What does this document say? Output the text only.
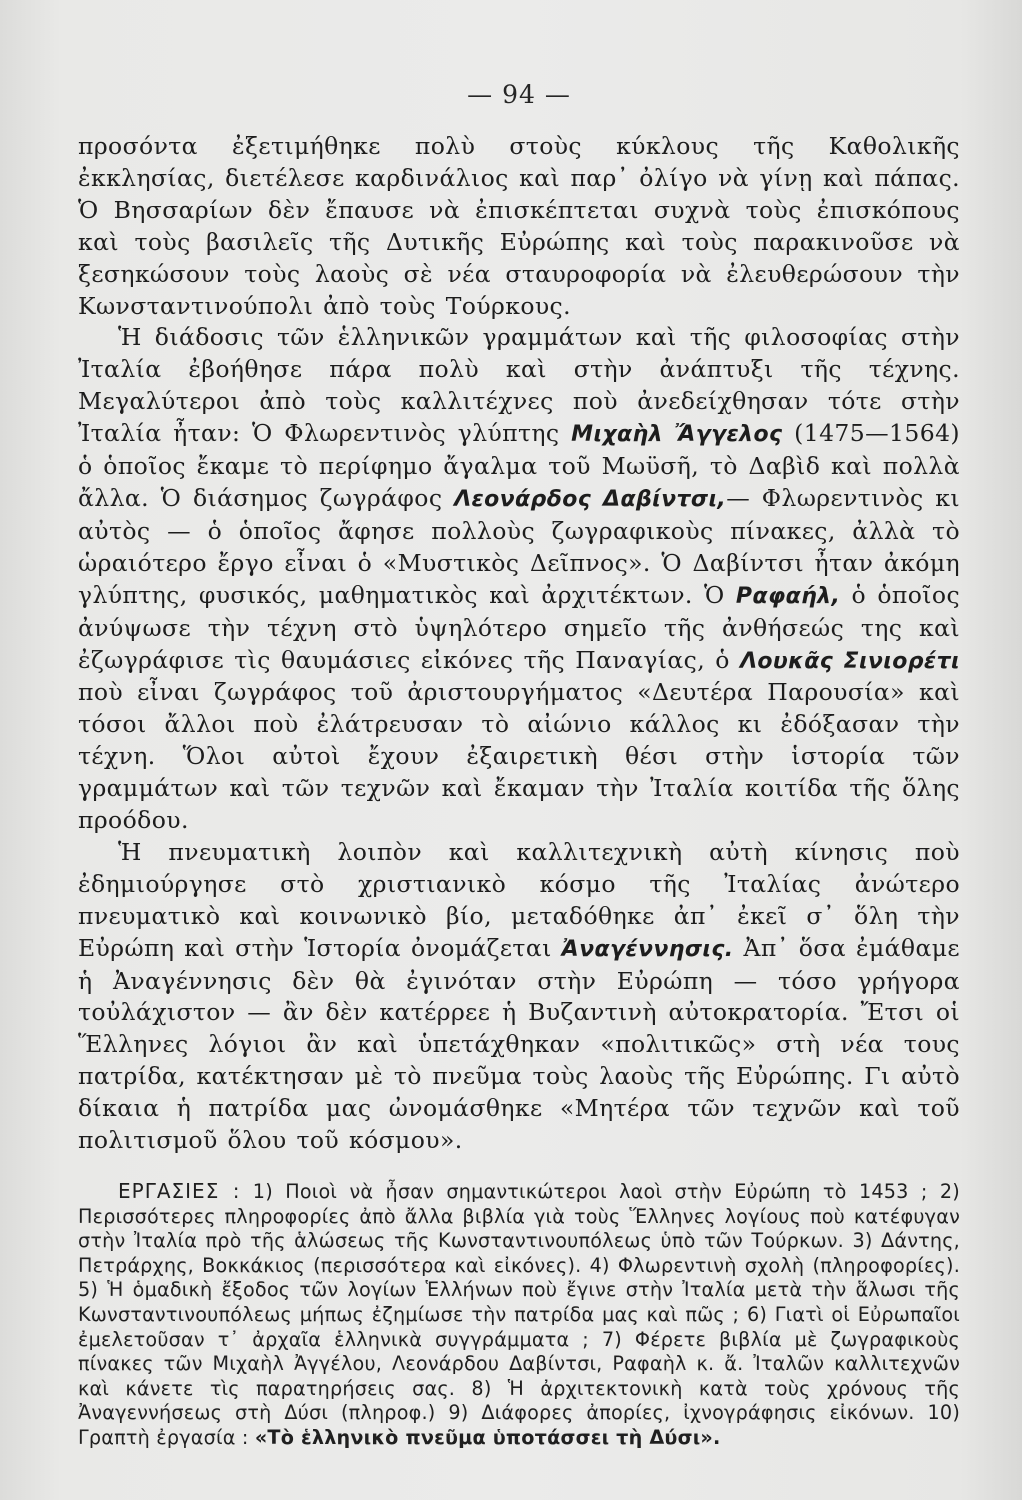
— 94 —

προσόντα ἐξετιμήθηκε πολὺ στοὺς κύκλους τῆς Καθολικῆς ἐκκλησίας, διετέλεσε καρδινάλιος καὶ παρ᾽ ὀλίγο νὰ γίνῃ καὶ πάπας. Ὁ Βησσαρίων δὲν ἔπαυσε νὰ ἐπισκέπτεται συχνὰ τοὺς ἐπισκόπους καὶ τοὺς βασιλεῖς τῆς Δυτικῆς Εὐρώπης καὶ τοὺς παρακινοῦσε νὰ ξεσηκώσουν τοὺς λαοὺς σὲ νέα σταυροφορία νὰ ἐλευθερώσουν τὴν Κωνσταντινούπολι ἀπὸ τοὺς Τούρκους.

Ἡ διάδοσις τῶν ἑλληνικῶν γραμμάτων καὶ τῆς φιλοσοφίας στὴν Ἰταλία ἐβοήθησε πάρα πολὺ καὶ στὴν ἀνάπτυξι τῆς τέχνης. Μεγαλύτεροι ἀπὸ τοὺς καλλιτέχνες ποὺ ἀνεδείχθησαν τότε στὴν Ἰταλία ἦταν: Ὁ Φλωρεντινὸς γλύπτης Μιχαὴλ Ἄγγελος (1475—1564) ὁ ὁποῖος ἔκαμε τὸ περίφημο ἄγαλμα τοῦ Μωϋσῆ, τὸ Δαβὶδ καὶ πολλὰ ἄλλα. Ὁ διάσημος ζωγράφος Λεονάρδος Δαβίντσι,— Φλωρεντινὸς κι αὐτὸς — ὁ ὁποῖος ἄφησε πολλοὺς ζωγραφικοὺς πίνακες, ἀλλὰ τὸ ὡραιότερο ἔργο εἶναι ὁ «Μυστικὸς Δεῖπνος». Ὁ Δαβίντσι ἦταν ἀκόμη γλύπτης, φυσικός, μαθηματικὸς καὶ ἀρχιτέκτων. Ὁ Ραφαήλ, ὁ ὁποῖος ἀνύψωσε τὴν τέχνη στὸ ὑψηλότερο σημεῖο τῆς ἀνθήσεώς της καὶ ἐζωγράφισε τὶς θαυμάσιες εἰκόνες τῆς Παναγίας, ὁ Λουκᾶς Σινιορέτι ποὺ εἶναι ζωγράφος τοῦ ἀριστουργήματος «Δευτέρα Παρουσία» καὶ τόσοι ἄλλοι ποὺ ἐλάτρευσαν τὸ αἰώνιο κάλλος κι ἐδόξασαν τὴν τέχνη. Ὅλοι αὐτοὶ ἔχουν ἐξαιρετικὴ θέσι στὴν ἱστορία τῶν γραμμάτων καὶ τῶν τεχνῶν καὶ ἔκαμαν τὴν Ἰταλία κοιτίδα τῆς ὅλης προόδου.

Ἡ πνευματικὴ λοιπὸν καὶ καλλιτεχνικὴ αὐτὴ κίνησις ποὺ ἐδημιούργησε στὸ χριστιανικὸ κόσμο τῆς Ἰταλίας ἀνώτερο πνευματικὸ καὶ κοινωνικὸ βίο, μεταδόθηκε ἀπ᾽ ἐκεῖ σ᾽ ὅλη τὴν Εὐρώπη καὶ στὴν Ἱστορία ὀνομάζεται Ἀναγέννησις. Ἀπ᾽ ὅσα ἐμάθαμε ἡ Ἀναγέννησις δὲν θὰ ἐγινόταν στὴν Εὐρώπη — τόσο γρήγορα τοὐλάχιστον — ἂν δὲν κατέρρεε ἡ Βυζαντινὴ αὐτοκρατορία. Ἔτσι οἱ Ἕλληνες λόγιοι ἂν καὶ ὑπετάχθηκαν «πολιτικῶς» στὴ νέα τους πατρίδα, κατέκτησαν μὲ τὸ πνεῦμα τοὺς λαοὺς τῆς Εὐρώπης. Γι αὐτὸ δίκαια ἡ πατρίδα μας ὠνομάσθηκε «Μητέρα τῶν τεχνῶν καὶ τοῦ πολιτισμοῦ ὅλου τοῦ κόσμου».

ΕΡΓΑΣΙΕΣ : 1) Ποιοὶ νὰ ἦσαν σημαντικώτεροι λαοὶ στὴν Εὐρώπη τὸ 1453 ; 2) Περισσότερες πληροφορίες ἀπὸ ἄλλα βιβλία γιὰ τοὺς Ἕλληνες λογίους ποὺ κατέφυγαν στὴν Ἰταλία πρὸ τῆς ἁλώσεως τῆς Κωνσταντινουπόλεως ὑπὸ τῶν Τούρκων. 3) Δάντης, Πετράρχης, Βοκκάκιος (περισσότερα καὶ εἰκόνες). 4) Φλωρεντινὴ σχολὴ (πληροφορίες). 5) Ἡ ὁμαδικὴ ἔξοδος τῶν λογίων Ἑλλήνων ποὺ ἔγινε στὴν Ἰταλία μετὰ τὴν ἅλωσι τῆς Κωνσταντινουπόλεως μήπως ἐζημίωσε τὴν πατρίδα μας καὶ πῶς ; 6) Γιατὶ οἱ Εὐρωπαῖοι ἐμελετοῦσαν τ᾽ ἀρχαῖα ἑλληνικὰ συγγράμματα ; 7) Φέρετε βιβλία μὲ ζωγραφικοὺς πίνακες τῶν Μιχαὴλ Ἀγγέλου, Λεονάρδου Δαβίντσι, Ραφαὴλ κ. ἄ. Ἰταλῶν καλλιτεχνῶν καὶ κάνετε τὶς παρατηρήσεις σας. 8) Ἡ ἀρχιτεκτονικὴ κατὰ τοὺς χρόνους τῆς Ἀναγεννήσεως στὴ Δύσι (πληροφ.) 9) Διάφορες ἀπορίες, ἰχνογράφησις εἰκόνων. 10) Γραπτὴ ἐργασία : «Τὸ ἑλληνικὸ πνεῦμα ὑποτάσσει τὴ Δύσι».
